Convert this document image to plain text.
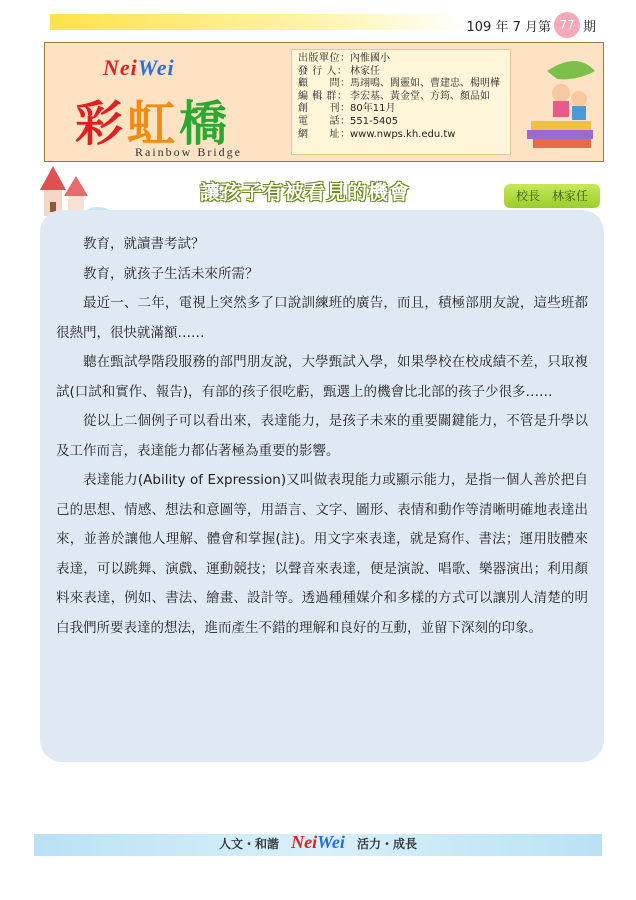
109 年 7 月第 77 期
NeiWei
彩虹橋
Rainbow Bridge
出版單位： 內惟國小
發 行 人： 林家任
顧　　問： 馬翊鳴、閻靈如、曹建忠、楊明樺
編 輯 群： 李宏基、黃金堂、方筠、顏品如
創　　刊： 80年11月
電　　話： 551-5405
網　　址： www.nwps.kh.edu.tw
讓孩子有被看見的機會	校長　林家任

教育，就讀書考試？

教育，就孩子生活未來所需？

最近一、二年，電視上突然多了口說訓練班的廣告，而且，積極部朋友說，這些班都很熱門，很快就滿額……

聽在甄試學階段服務的部門朋友說，大學甄試入學，如果學校在校成績不差，只取複試(口試和實作、報告)，有部的孩子很吃虧，甄選上的機會比北部的孩子少很多……

從以上二個例子可以看出來，表達能力，是孩子未來的重要關鍵能力，不管是升學以及工作而言，表達能力都佔著極為重要的影響。

表達能力(Ability of Expression)又叫做表現能力或顯示能力，是指一個人善於把自己的思想、情感、想法和意圖等，用語言、文字、圖形、表情和動作等清晰明確地表達出來，並善於讓他人理解、體會和掌握(註)。用文字來表達，就是寫作、書法；運用肢體來表達，可以跳舞、演戲、運動競技；以聲音來表達，便是演說、唱歌、樂器演出；利用顏料來表達，例如、書法、繪畫、設計等。透過種種媒介和多樣的方式可以讓別人清楚的明白我們所要表達的想法，進而產生不錯的理解和良好的互動，並留下深刻的印象。

人文・和諧 NeiWei 活力・成長
